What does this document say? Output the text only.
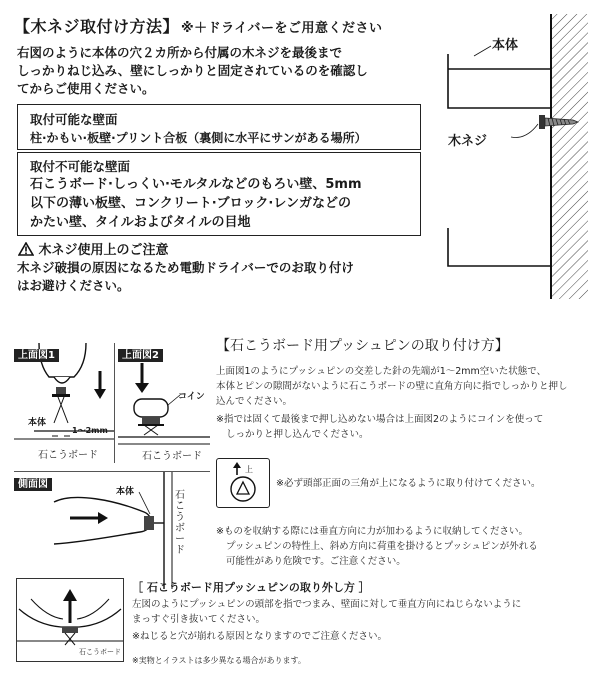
【木ネジ取付け方法】 ※＋ドライバーをご用意ください
右図のように本体の穴２カ所から付属の木ネジを最後まで
しっかりねじ込み、壁にしっかりと固定されているのを確認し
てからご使用ください。
取付可能な壁面
柱·かもい·板壁·プリント合板（裏側に水平にサンがある場所）
取付不可能な壁面
石こうボード·しっくい·モルタルなどのもろい壁、5mm
以下の薄い板壁、コンクリート·ブロック·レンガなどの
かたい壁、タイルおよびタイルの目地
木ネジ使用上のご注意
木ネジ破損の原因になるため電動ドライバーでのお取り付け
はお避けください。
本体
木ネジ
上面図1
本体
1～2mm
石こうボード
上面図2
コイン
石こうボード
側面図
本体	石こうボード
【石こうボード用プッシュピンの取り付け方】
上面図1のようにプッシュピンの交差した針の先端が1～2mm空いた状態で、
本体とピンの隙間がないように石こうボードの壁に直角方向に指でしっかりと押し
込んでください。
※指では固くて最後まで押し込めない場合は上面図2のようにコインを使って
しっかりと押し込んでください。
上
※必ず頭部正面の三角が上になるように取り付けてください。
※ものを収納する際には垂直方向に力が加わるように収納してください。
プッシュピンの特性上、斜め方向に荷重を掛けるとプッシュピンが外れる
可能性があり危険です。ご注意ください。
石こうボード
［ 石こうボード用プッシュピンの取り外し方 ］
左図のようにプッシュピンの頭部を指でつまみ、壁面に対して垂直方向にねじらないように
まっすぐ引き抜いてください。
※ねじると穴が崩れる原因となりますのでご注意ください。
※実物とイラストは多少異なる場合があります。
